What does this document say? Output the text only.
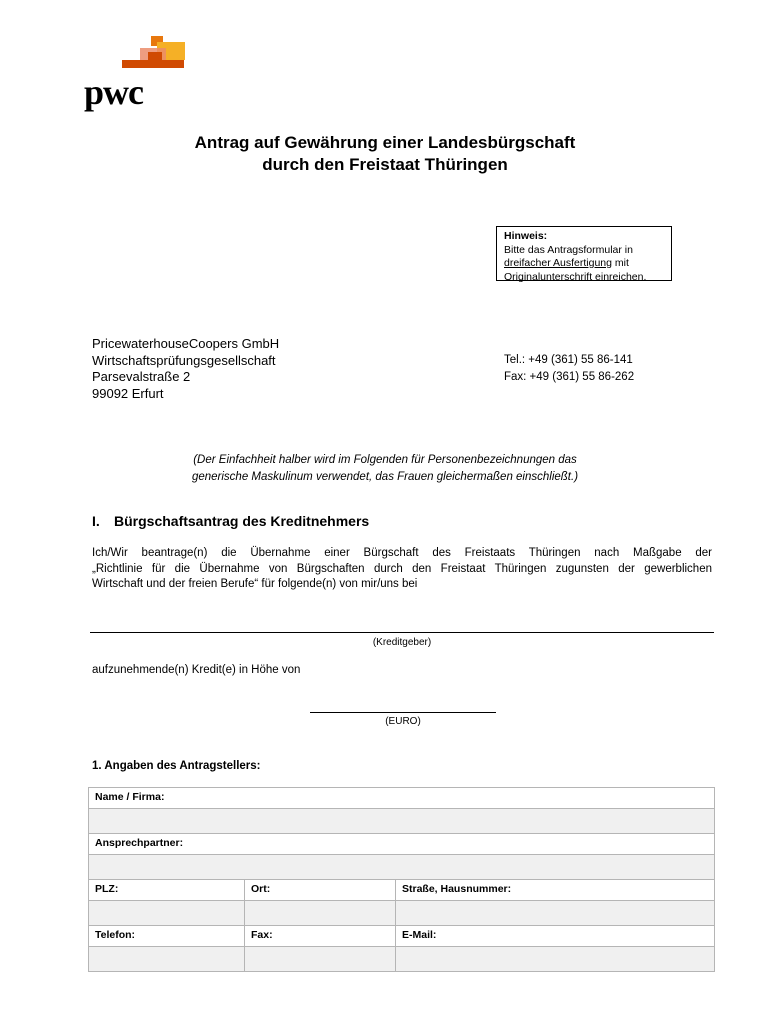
pwc
Antrag auf Gewährung einer Landesbürgschaft
durch den Freistaat Thüringen
Hinweis:
Bitte das Antragsformular in
dreifacher Ausfertigung mit
Originalunterschrift einreichen.
PricewaterhouseCoopers GmbH
Wirtschaftsprüfungsgesellschaft
Parsevalstraße 2
99092 Erfurt
Tel.: +49 (361) 55 86-141
Fax: +49 (361) 55 86-262
(Der Einfachheit halber wird im Folgenden für Personenbezeichnungen das
generische Maskulinum verwendet, das Frauen gleichermaßen einschließt.)
I. Bürgschaftsantrag des Kreditnehmers
Ich/Wir beantrage(n) die Übernahme einer Bürgschaft des Freistaats Thüringen nach Maßgabe der
„Richtlinie für die Übernahme von Bürgschaften durch den Freistaat Thüringen zugunsten der gewerblichen
Wirtschaft und der freien Berufe“ für folgende(n) von mir/uns bei
(Kreditgeber)
aufzunehmende(n) Kredit(e) in Höhe von
(EURO)
1. Angaben des Antragstellers:
Name / Firma:		

Ansprechpartner:		

PLZ:	Ort:	Straße, Hausnummer:

Telefon:	Fax:	E-Mail:
